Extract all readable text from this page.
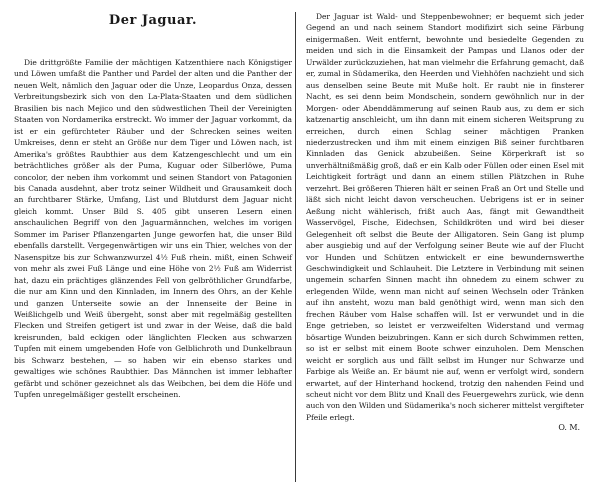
Der Jaguar.

Die drittgrößte Familie der mächtigen Katzenthiere nach Königstiger und Löwen umfaßt die Panther und Pardel der alten und die Panther der neuen Welt, nämlich den Jaguar oder die Unze, Leopardus Onza, dessen Verbreitungsbezirk sich von den La-Plata-Staaten und dem südlichen Brasilien bis nach Mejico und den südwestlichen Theil der Vereinigten Staaten von Nordamerika erstreckt. Wo immer der Jaguar vorkommt, da ist er ein gefürchteter Räuber und der Schrecken seines weiten Umkreises, denn er steht an Größe nur dem Tiger und Löwen nach, ist Amerika's größtes Raubthier aus dem Katzengeschlecht und um ein beträchtliches größer als der Puma, Kuguar oder Silberlöwe, Puma concolor, der neben ihm vorkommt und seinen Standort von Patagonien bis Canada ausdehnt, aber trotz seiner Wildheit und Grausamkeit doch an furchtbarer Stärke, Umfang, List und Blutdurst dem Jaguar nicht gleich kommt. Unser Bild S. 405 gibt unseren Lesern einen anschaulichen Begriff von den Jaguarmännchen, welches im vorigen Sommer im Pariser Pflanzengarten Junge geworfen hat, die unser Bild ebenfalls darstellt. Vergegenwärtigen wir uns ein Thier, welches von der Nasenspitze bis zur Schwanzwurzel 4½ Fuß rhein. mißt, einen Schweif von mehr als zwei Fuß Länge und eine Höhe von 2½ Fuß am Widerrist hat, dazu ein prächtiges glänzendes Fell von gelbröthlicher Grundfarbe, die nur am Kinn und den Kinnladen, im Innern des Ohrs, an der Kehle und ganzen Unterseite sowie an der Innenseite der Beine in Weißlichgelb und Weiß übergeht, sonst aber mit regelmäßig gestellten Flecken und Streifen getigert ist und zwar in der Weise, daß die bald kreisrunden, bald eckigen oder länglichten Flecken aus schwarzen Tupfen mit einem umgebenden Hofe von Gelblichroth und Dunkelbraun bis Schwarz bestehen, — so haben wir ein ebenso starkes und gewaltiges wie schönes Raubthier. Das Männchen ist immer lebhafter gefärbt und schöner gezeichnet als das Weibchen, bei dem die Höfe und Tupfen unregelmäßiger gestellt erscheinen.

Der Jaguar ist Wald- und Steppenbewohner; er bequemt sich jeder Gegend an und nach seinem Standort modifizirt sich seine Färbung einigermaßen. Weit entfernt, bewohnte und besiedelte Gegenden zu meiden und sich in die Einsamkeit der Pampas und Llanos oder der Urwälder zurückzuziehen, hat man vielmehr die Erfahrung gemacht, daß er, zumal in Südamerika, den Heerden und Viehhöfen nachzieht und sich aus denselben seine Beute mit Muße holt. Er raubt nie in finsterer Nacht, es sei denn beim Mondschein, sondern gewöhnlich nur in der Morgen- oder Abenddämmerung auf seinen Raub aus, zu dem er sich katzenartig anschleicht, um ihn dann mit einem sicheren Weitsprung zu erreichen, durch einen Schlag seiner mächtigen Pranken niederzustrecken und ihm mit einem einzigen Biß seiner furchtbaren Kinnladen das Genick abzubeißen. Seine Körperkraft ist so unverhältnißmäßig groß, daß er ein Kalb oder Füllen oder einen Esel mit Leichtigkeit forträgt und dann an einem stillen Plätzchen in Ruhe verzehrt. Bei größeren Thieren hält er seinen Fraß an Ort und Stelle und läßt sich nicht leicht davon verscheuchen. Uebrigens ist er in seiner Aeßung nicht wählerisch, frißt auch Aas, fängt mit Gewandtheit Wasservögel, Fische, Eidechsen, Schildkröten und wird bei dieser Gelegenheit oft selbst die Beute der Alligatoren. Sein Gang ist plump aber ausgiebig und auf der Verfolgung seiner Beute wie auf der Flucht vor Hunden und Schützen entwickelt er eine bewundernswerthe Geschwindigkeit und Schlauheit. Die Letztere in Verbindung mit seinen ungemein scharfen Sinnen macht ihn ohnedem zu einem schwer zu erlegenden Wilde, wenn man nicht auf seinen Wechseln oder Tränken auf ihn ansteht, wozu man bald genöthigt wird, wenn man sich den frechen Räuber vom Halse schaffen will. Ist er verwundet und in die Enge getrieben, so leistet er verzweifelten Widerstand und vermag bösartige Wunden beizubringen. Kann er sich durch Schwimmen retten, so ist er selbst mit einem Boote schwer einzuholen. Dem Menschen weicht er sorglich aus und fällt selbst im Hunger nur Schwarze und Farbige als Weiße an. Er bäumt nie auf, wenn er verfolgt wird, sondern erwartet, auf der Hinterhand hockend, trotzig den nahenden Feind und scheut nicht vor dem Blitz und Knall des Feuergewehrs zurück, wie denn auch von den Wilden und Südamerika's noch sicherer mittelst vergifteter Pfeile erlegt.

O. M.
